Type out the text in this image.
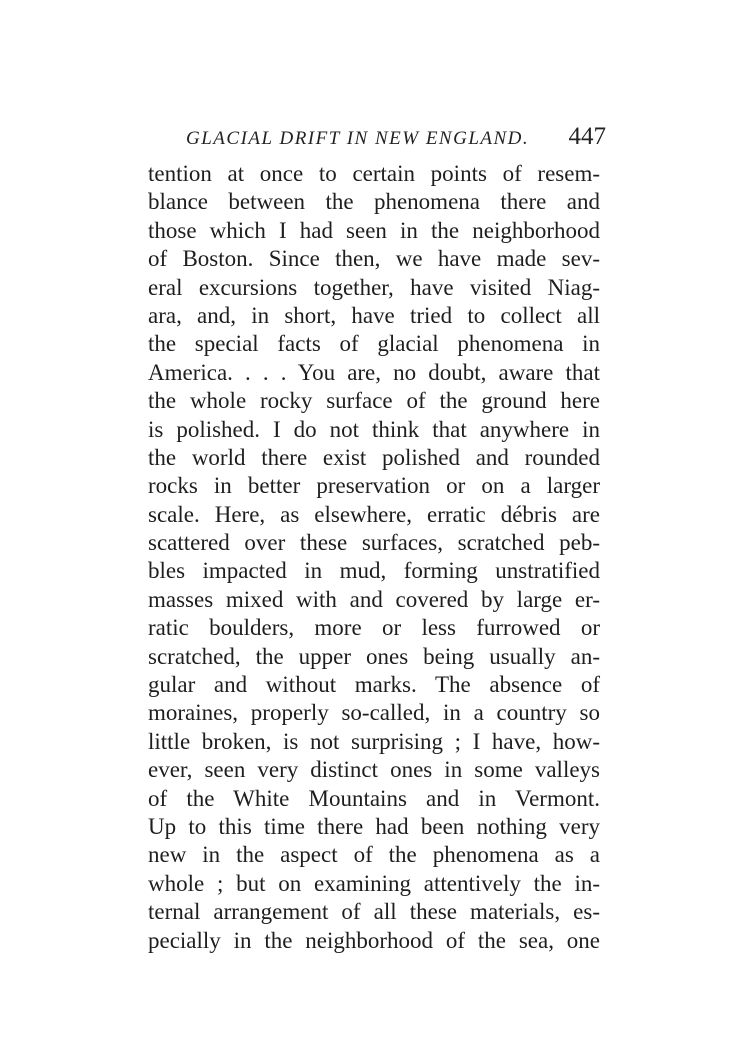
GLACIAL DRIFT IN NEW ENGLAND. 447
tention at once to certain points of resem-
blance between the phenomena there and
those which I had seen in the neighborhood
of Boston. Since then, we have made sev-
eral excursions together, have visited Niag-
ara, and, in short, have tried to collect all
the special facts of glacial phenomena in
America. . . . You are, no doubt, aware that
the whole rocky surface of the ground here
is polished. I do not think that anywhere in
the world there exist polished and rounded
rocks in better preservation or on a larger
scale. Here, as elsewhere, erratic débris are
scattered over these surfaces, scratched peb-
bles impacted in mud, forming unstratified
masses mixed with and covered by large er-
ratic boulders, more or less furrowed or
scratched, the upper ones being usually an-
gular and without marks. The absence of
moraines, properly so-called, in a country so
little broken, is not surprising ; I have, how-
ever, seen very distinct ones in some valleys
of the White Mountains and in Vermont.
Up to this time there had been nothing very
new in the aspect of the phenomena as a
whole ; but on examining attentively the in-
ternal arrangement of all these materials, es-
pecially in the neighborhood of the sea, one
